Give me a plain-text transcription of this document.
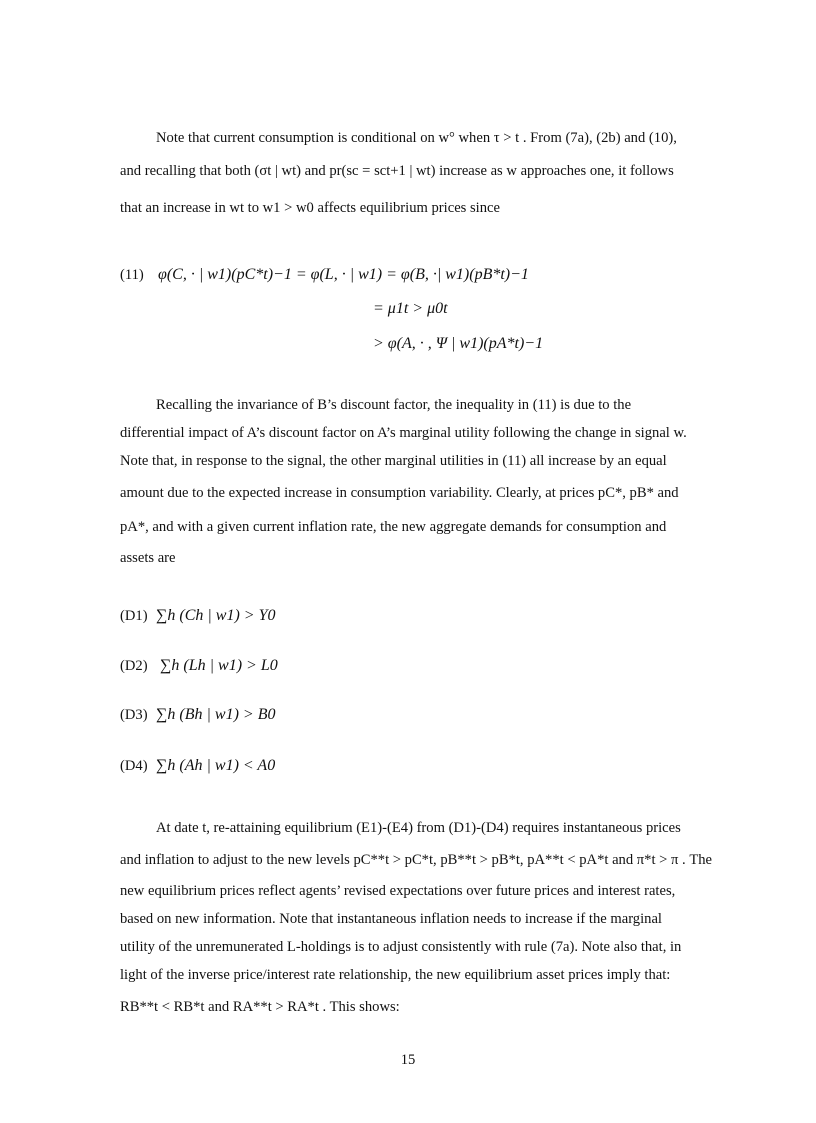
Note that current consumption is conditional on w° when τ > t . From (7a), (2b) and (10),
and recalling that both (σt | wt) and pr(sc = sct+1 | wt) increase as w approaches one, it follows
that an increase in wt to w1 > w0 affects equilibrium prices since
(11) φ(C, · | w1)(pC*t)−1 = φ(L, · | w1) = φ(B, ·| w1)(pB*t)−1
= μ1t > μ0t
> φ(A, · , Ψ | w1)(pA*t)−1
Recalling the invariance of B’s discount factor, the inequality in (11) is due to the
differential impact of A’s discount factor on A’s marginal utility following the change in signal w.
Note that, in response to the signal, the other marginal utilities in (11) all increase by an equal
amount due to the expected increase in consumption variability. Clearly, at prices pC*, pB* and
pA*, and with a given current inflation rate, the new aggregate demands for consumption and
assets are
(D1) ∑h (Ch | w1) > Y0
(D2) ∑h (Lh | w1) > L0
(D3) ∑h (Bh | w1) > B0
(D4) ∑h (Ah | w1) < A0
At date t, re-attaining equilibrium (E1)-(E4) from (D1)-(D4) requires instantaneous prices
and inflation to adjust to the new levels pC**t > pC*t, pB**t > pB*t, pA**t < pA*t and π*t > π . The
new equilibrium prices reflect agents’ revised expectations over future prices and interest rates,
based on new information. Note that instantaneous inflation needs to increase if the marginal
utility of the unremunerated L-holdings is to adjust consistently with rule (7a). Note also that, in
light of the inverse price/interest rate relationship, the new equilibrium asset prices imply that:
RB**t < RB*t and RA**t > RA*t . This shows:
15
